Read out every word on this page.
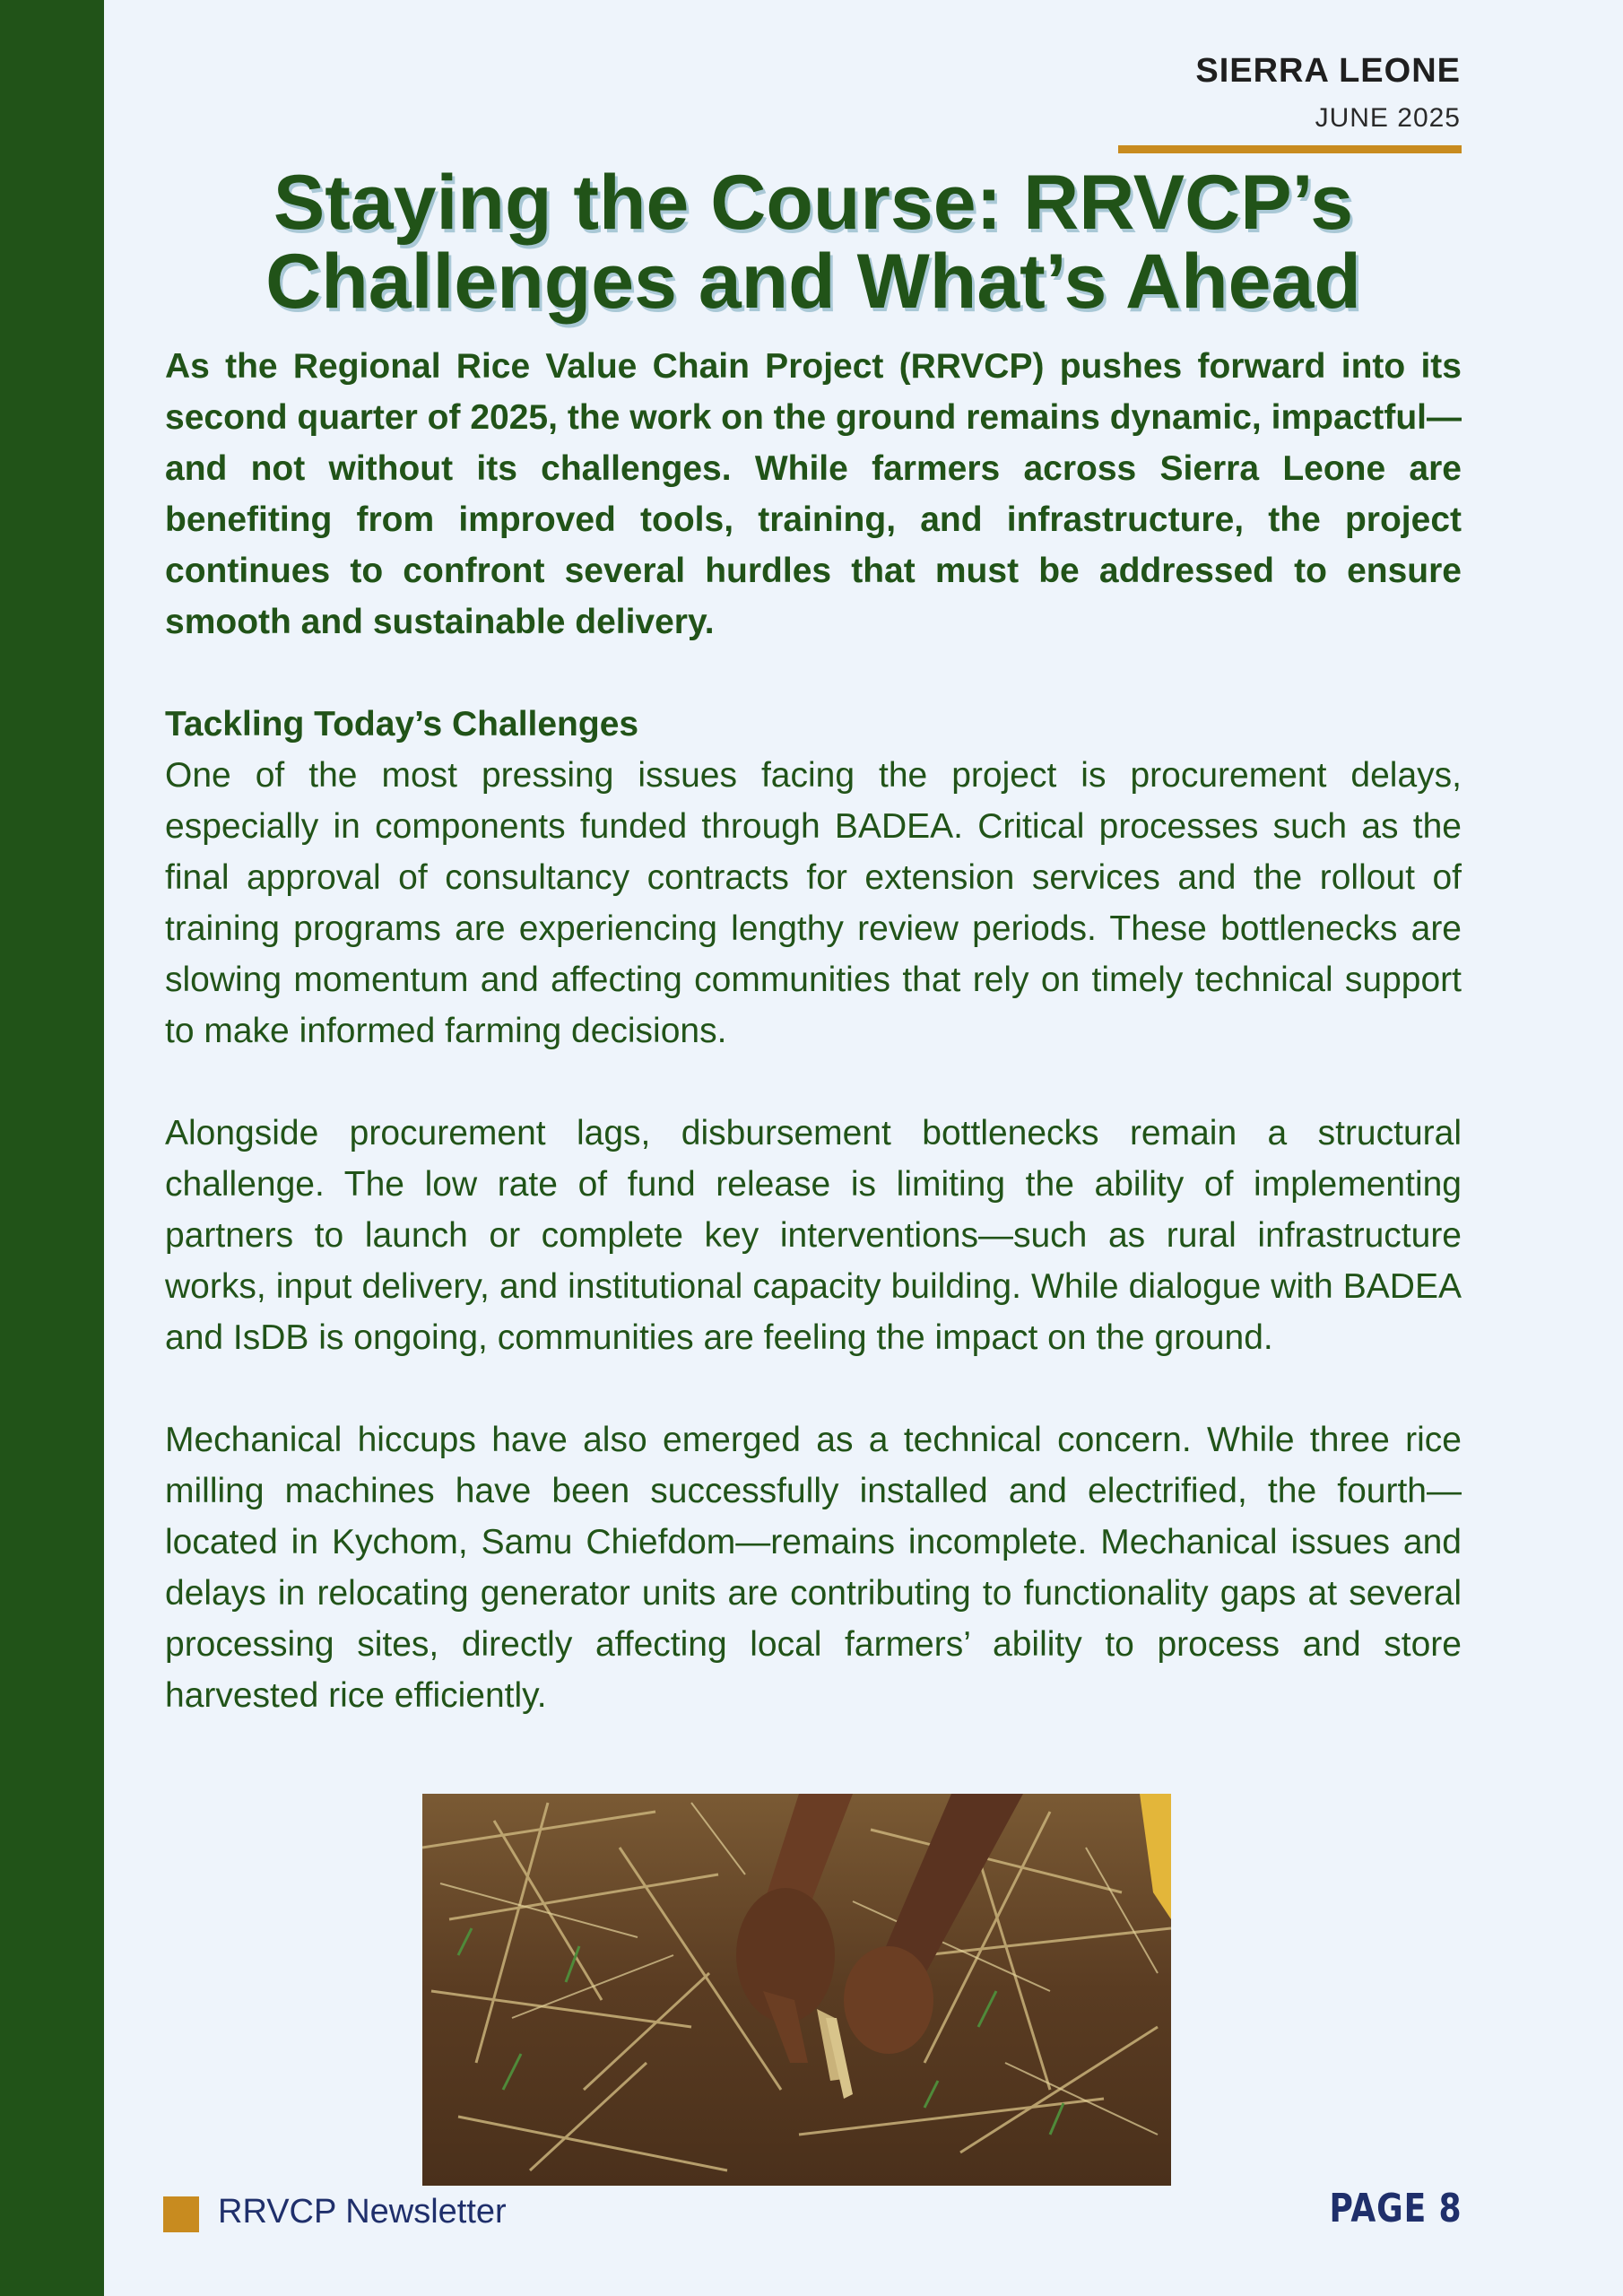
SIERRA LEONE
JUNE 2025
Staying the Course: RRVCP’s Challenges and What’s Ahead

As the Regional Rice Value Chain Project (RRVCP) pushes forward into its second quarter of 2025, the work on the ground remains dynamic, impactful—and not without its challenges. While farmers across Sierra Leone are benefiting from improved tools, training, and infrastructure, the project continues to confront several hurdles that must be addressed to ensure smooth and sustainable delivery.

Tackling Today’s Challenges

One of the most pressing issues facing the project is procurement delays, especially in components funded through BADEA. Critical processes such as the final approval of consultancy contracts for extension services and the rollout of training programs are experiencing lengthy review periods. These bottlenecks are slowing momentum and affecting communities that rely on timely technical support to make informed farming decisions.

Alongside procurement lags, disbursement bottlenecks remain a structural challenge. The low rate of fund release is limiting the ability of implementing partners to launch or complete key interventions—such as rural infrastructure works, input delivery, and institutional capacity building. While dialogue with BADEA and IsDB is ongoing, communities are feeling the impact on the ground.

Mechanical hiccups have also emerged as a technical concern. While three rice milling machines have been successfully installed and electrified, the fourth—located in Kychom, Samu Chiefdom—remains incomplete. Mechanical issues and delays in relocating generator units are contributing to functionality gaps at several processing sites, directly affecting local farmers’ ability to process and store harvested rice efficiently.

RRVCP Newsletter	PAGE 8
